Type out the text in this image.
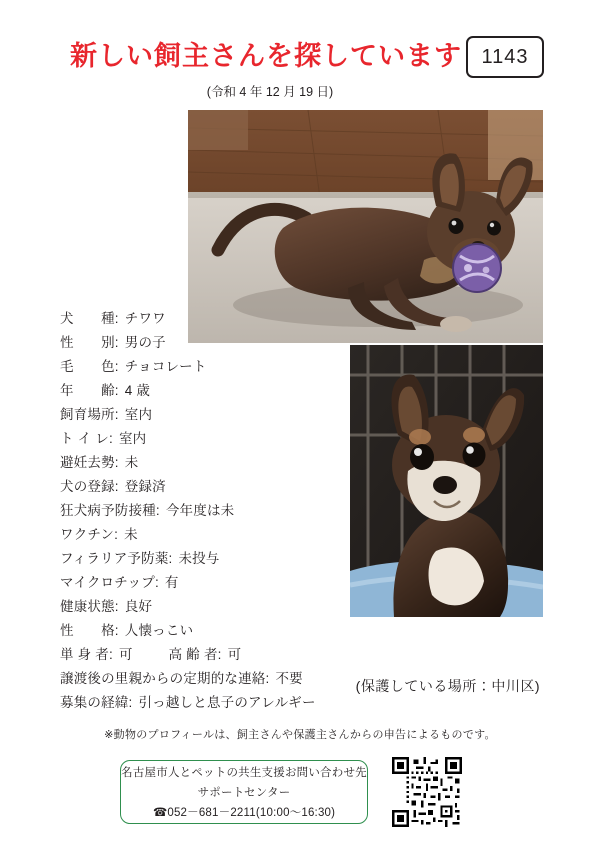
新しい飼主さんを探しています
(令和 4 年 12 月 19 日)
1143
犬　　種: チワワ
性　　別: 男の子
毛　　色: チョコレート
年　　齢: 4 歳
飼育場所: 室内
ト イ レ: 室内
避妊去勢: 未
犬の登録: 登録済
狂犬病予防接種: 今年度は未
ワクチン: 未
フィラリア予防薬: 未投与
マイクロチップ: 有
健康状態: 良好
性　　格: 人懐っこい
単 身 者: 可	高 齢 者: 可
譲渡後の里親からの定期的な連絡: 不要
募集の経緯: 引っ越しと息子のアレルギー
(保護している場所：中川区)
※動物のプロフィールは、飼主さんや保護主さんからの申告によるものです。
名古屋市人とペットの共生支援お問い合わせ先
サポートセンター
☎052－681－2211(10:00～16:30)
